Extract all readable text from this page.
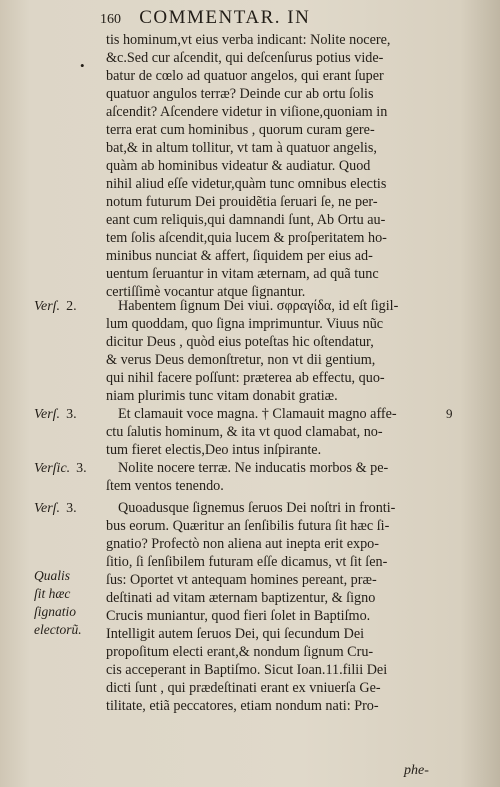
160 COMMENTAR. IN
•
9
Verſ. 2.
Verſ. 3.
Verſic. 3.
Verſ. 3.
Qualis
ſit hæc
ſignatio
electorũ.
tis hominum,vt eius verba indicant: Nolite nocere,
&c.Sed cur aſcendit, qui deſcenſurus potius vide-
batur de cœlo ad quatuor angelos, qui erant ſuper
quatuor angulos terræ? Deinde cur ab ortu ſolis
aſcendit? Aſcendere videtur in viſione,quoniam in
terra erat cum hominibus , quorum curam gere-
bat,& in altum tollitur, vt tam à quatuor angelis,
quàm ab hominibus videatur & audiatur. Quod
nihil aliud eſſe videtur,quàm tunc omnibus electis
notum futurum Dei prouidẽtia ſeruari ſe, ne per-
eant cum reliquis,qui damnandi ſunt, Ab Ortu au-
tem ſolis aſcendit,quia lucem & proſperitatem ho-
minibus nunciat & affert, ſiquidem per eius ad-
uentum ſeruantur in vitam æternam, ad quã tunc
certiſſimè vocantur atque ſignantur.
Habentem ſignum Dei viui. σφραγίδα, id eſt ſigil-
lum quoddam, quo ſigna imprimuntur. Viuus nũc
dicitur Deus , quòd eius poteſtas hic oſtendatur,
& verus Deus demonſtretur, non vt dii gentium,
qui nihil facere poſſunt: præterea ab effectu, quo-
niam plurimis tunc vitam donabit gratiæ.
Et clamauit voce magna. † Clamauit magno affe-
ctu ſalutis hominum, & ita vt quod clamabat, no-
tum fieret electis,Deo intus inſpirante.
Nolite nocere terræ. Ne inducatis morbos & pe-
ſtem ventos tenendo.
Quoadusque ſignemus ſeruos Dei noſtri in fronti-
bus eorum. Quæritur an ſenſibilis futura ſit hæc ſi-
gnatio? Profectò non aliena aut inepta erit expo-
ſitio, ſi ſenſibilem futuram eſſe dicamus, vt ſit ſen-
ſus: Oportet vt antequam homines pereant, præ-
deſtinati ad vitam æternam baptizentur, & ſigno
Crucis muniantur, quod fieri ſolet in Baptiſmo.
Intelligit autem ſeruos Dei, qui ſecundum Dei
propoſitum electi erant,& nondum ſignum Cru-
cis acceperant in Baptiſmo. Sicut Ioan.11.filii Dei
dicti ſunt , qui prædeſtinati erant ex vniuerſa Ge-
tilitate, etiã peccatores, etiam nondum nati: Pro-
phe-
